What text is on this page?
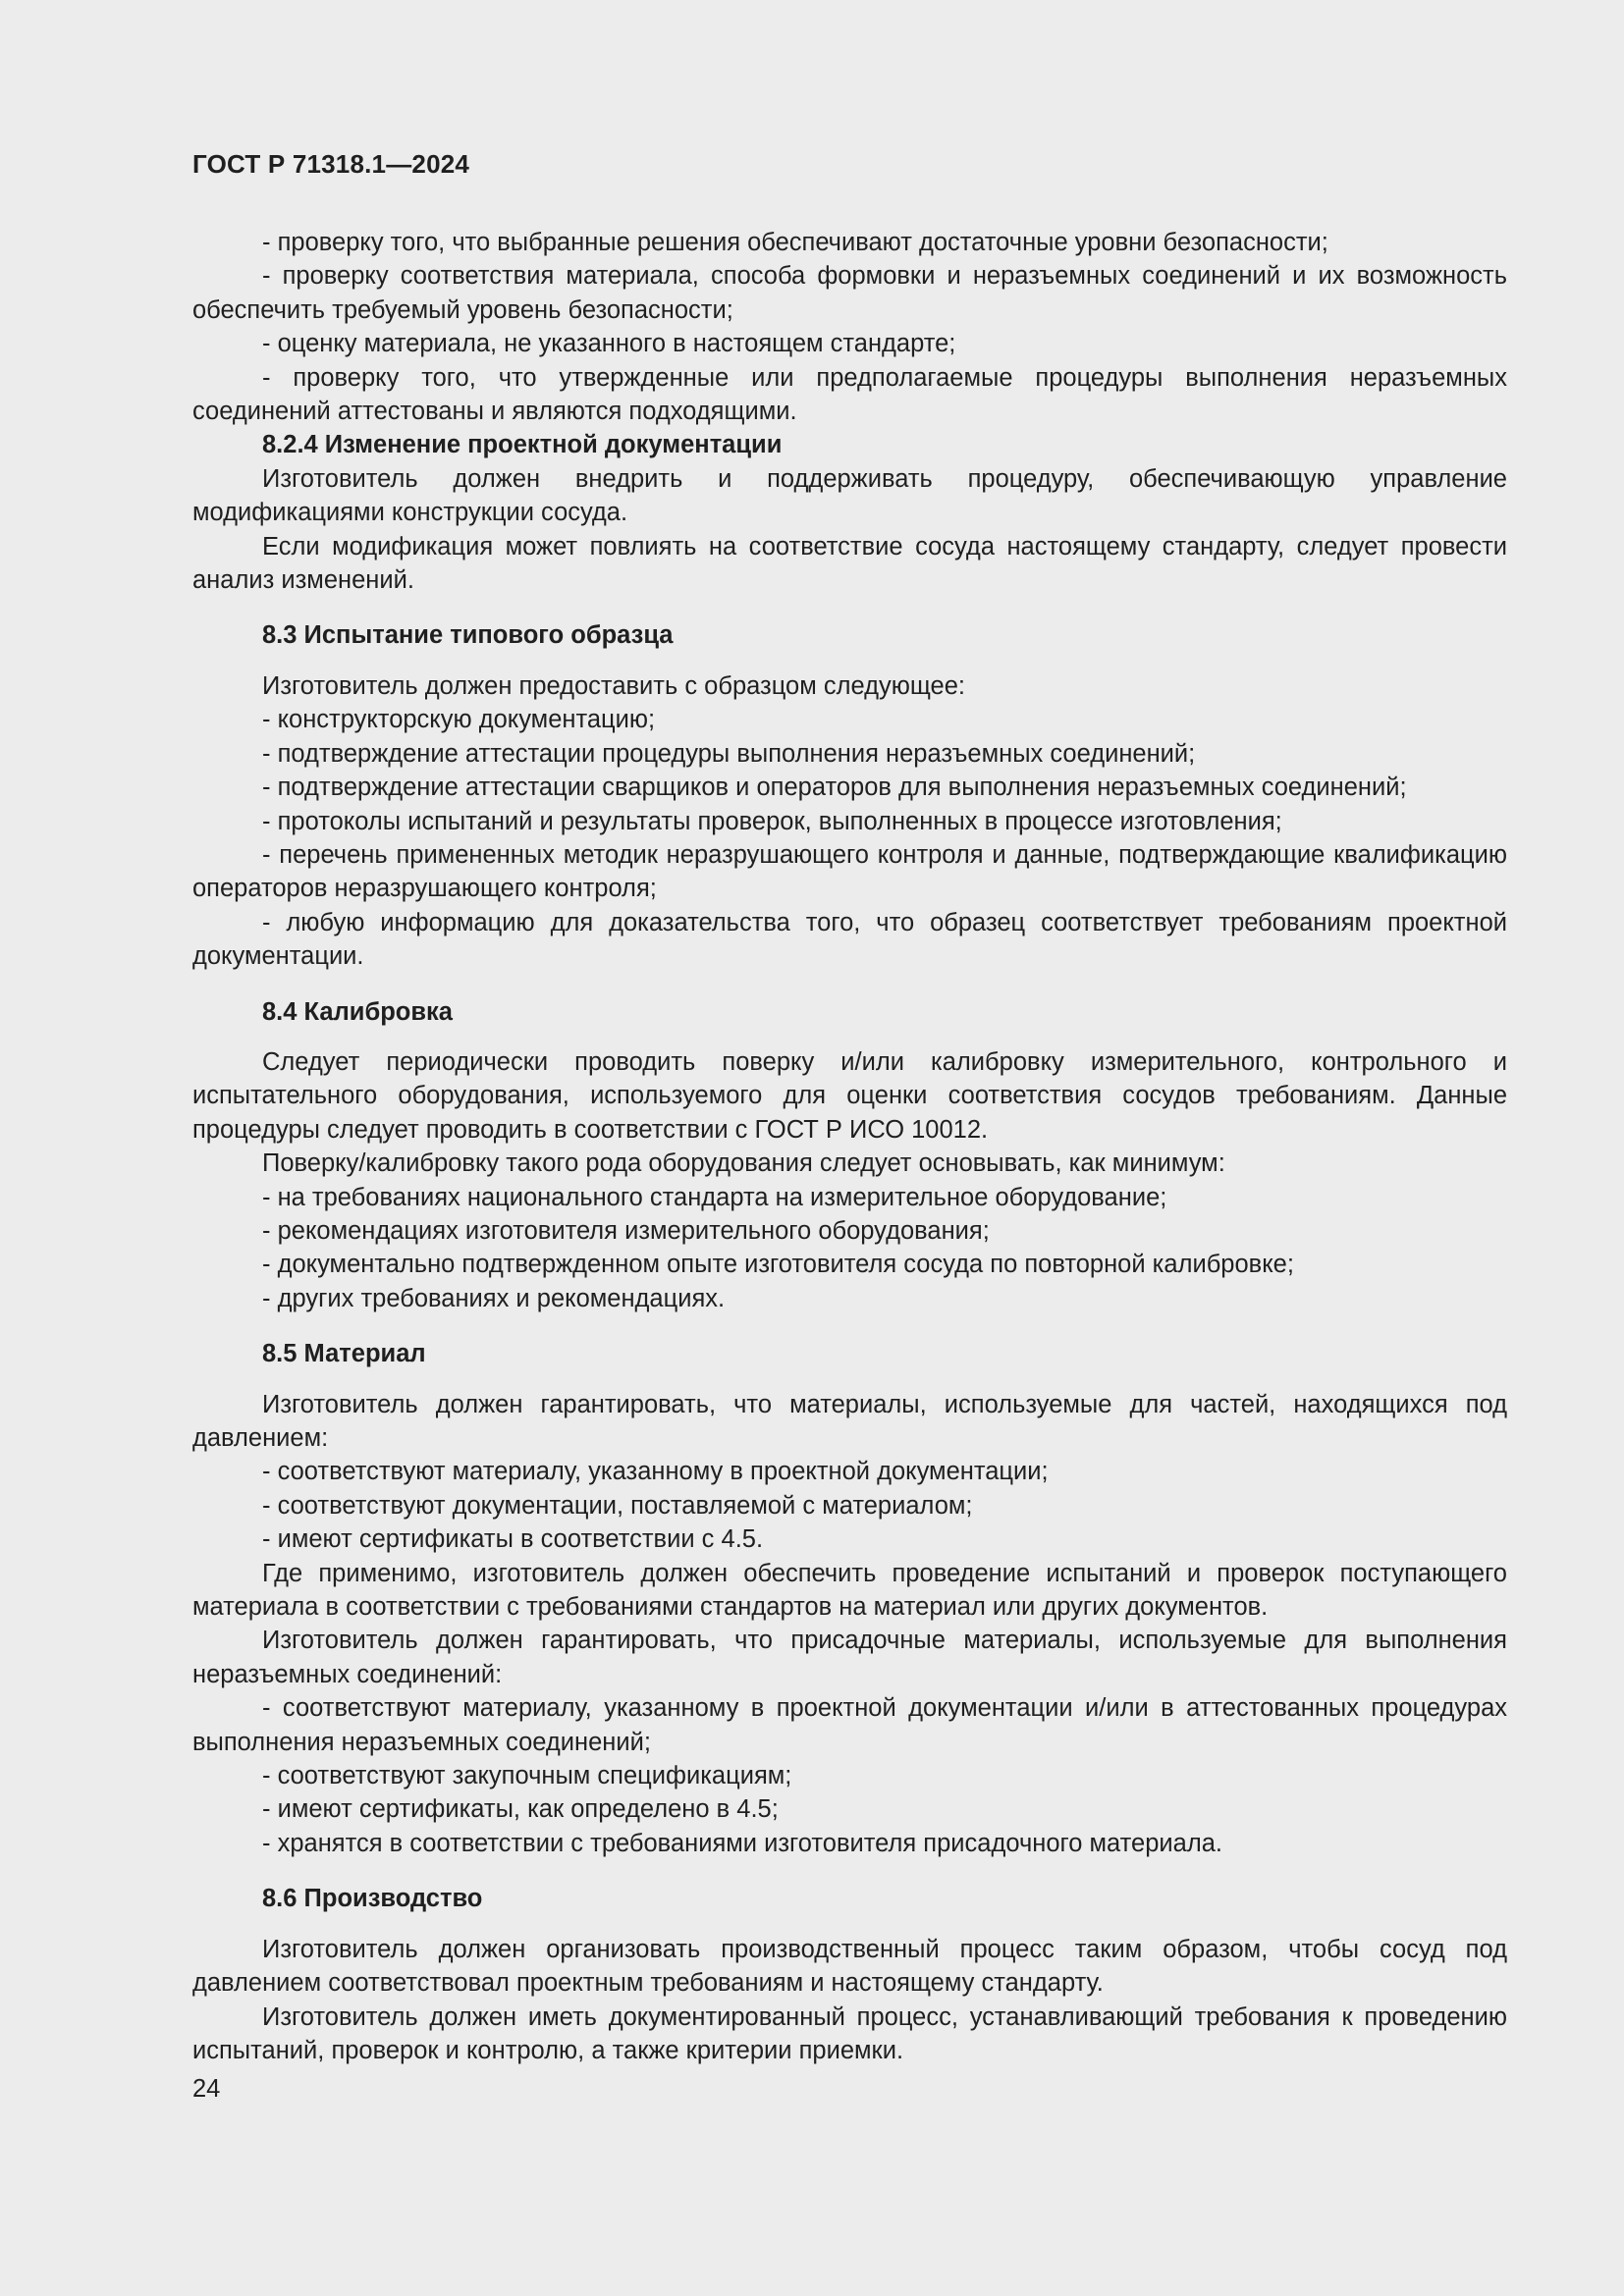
ГОСТ Р 71318.1—2024

- проверку того, что выбранные решения обеспечивают достаточные уровни безопасности;

- проверку соответствия материала, способа формовки и неразъемных соединений и их возможность обеспечить требуемый уровень безопасности;

- оценку материала, не указанного в настоящем стандарте;

- проверку того, что утвержденные или предполагаемые процедуры выполнения неразъемных соединений аттестованы и являются подходящими.

8.2.4 Изменение проектной документации

Изготовитель должен внедрить и поддерживать процедуру, обеспечивающую управление модификациями конструкции сосуда.

Если модификация может повлиять на соответствие сосуда настоящему стандарту, следует провести анализ изменений.

8.3 Испытание типового образца

Изготовитель должен предоставить с образцом следующее:

- конструкторскую документацию;

- подтверждение аттестации процедуры выполнения неразъемных соединений;

- подтверждение аттестации сварщиков и операторов для выполнения неразъемных соединений;

- протоколы испытаний и результаты проверок, выполненных в процессе изготовления;

- перечень примененных методик неразрушающего контроля и данные, подтверждающие квалификацию операторов неразрушающего контроля;

- любую информацию для доказательства того, что образец соответствует требованиям проектной документации.

8.4 Калибровка

Следует периодически проводить поверку и/или калибровку измерительного, контрольного и испытательного оборудования, используемого для оценки соответствия сосудов требованиям. Данные процедуры следует проводить в соответствии с ГОСТ Р ИСО 10012.

Поверку/калибровку такого рода оборудования следует основывать, как минимум:

- на требованиях национального стандарта на измерительное оборудование;

- рекомендациях изготовителя измерительного оборудования;

- документально подтвержденном опыте изготовителя сосуда по повторной калибровке;

- других требованиях и рекомендациях.

8.5 Материал

Изготовитель должен гарантировать, что материалы, используемые для частей, находящихся под давлением:

- соответствуют материалу, указанному в проектной документации;

- соответствуют документации, поставляемой с материалом;

- имеют сертификаты в соответствии с 4.5.

Где применимо, изготовитель должен обеспечить проведение испытаний и проверок поступающего материала в соответствии с требованиями стандартов на материал или других документов.

Изготовитель должен гарантировать, что присадочные материалы, используемые для выполнения неразъемных соединений:

- соответствуют материалу, указанному в проектной документации и/или в аттестованных процедурах выполнения неразъемных соединений;

- соответствуют закупочным спецификациям;

- имеют сертификаты, как определено в 4.5;

- хранятся в соответствии с требованиями изготовителя присадочного материала.

8.6 Производство

Изготовитель должен организовать производственный процесс таким образом, чтобы сосуд под давлением соответствовал проектным требованиям и настоящему стандарту.

Изготовитель должен иметь документированный процесс, устанавливающий требования к проведению испытаний, проверок и контролю, а также критерии приемки.

24
